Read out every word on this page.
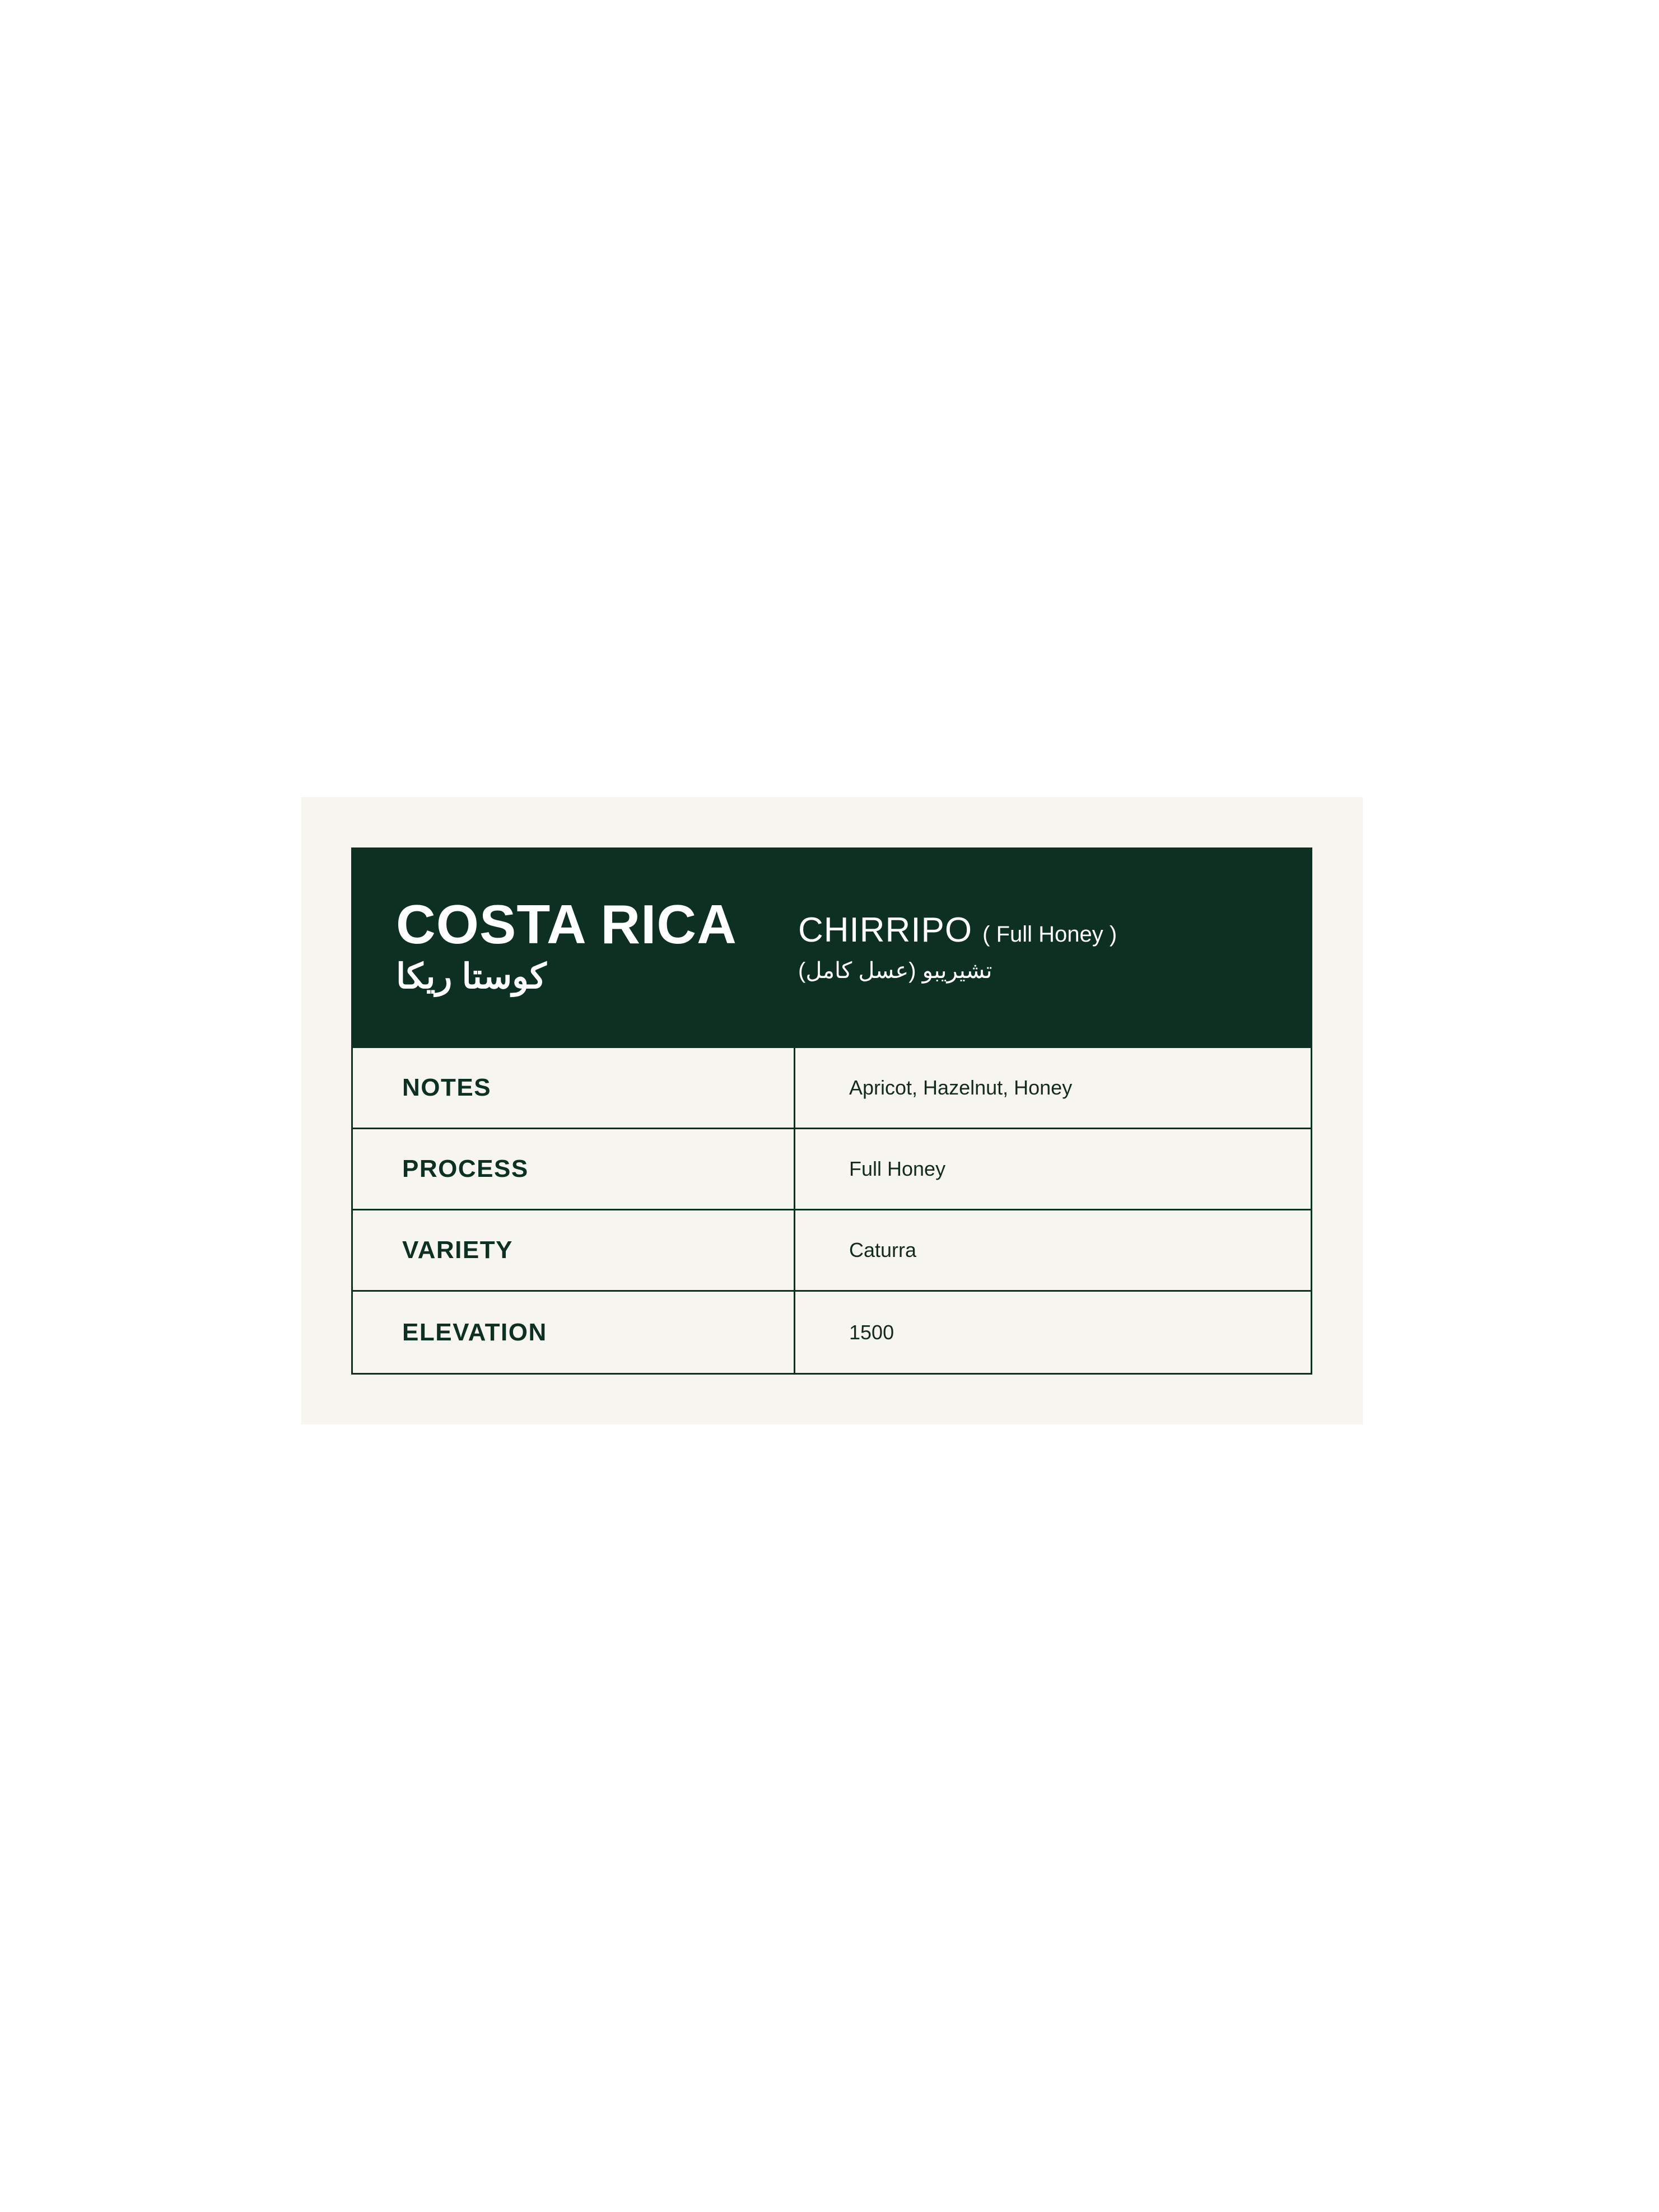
COSTA RICA
كوستا ريكا
CHIRRIPO ( Full Honey )
تشيريبو (عسل كامل)
NOTES	Apricot, Hazelnut, Honey
PROCESS	Full Honey
VARIETY	Caturra
ELEVATION	1500
